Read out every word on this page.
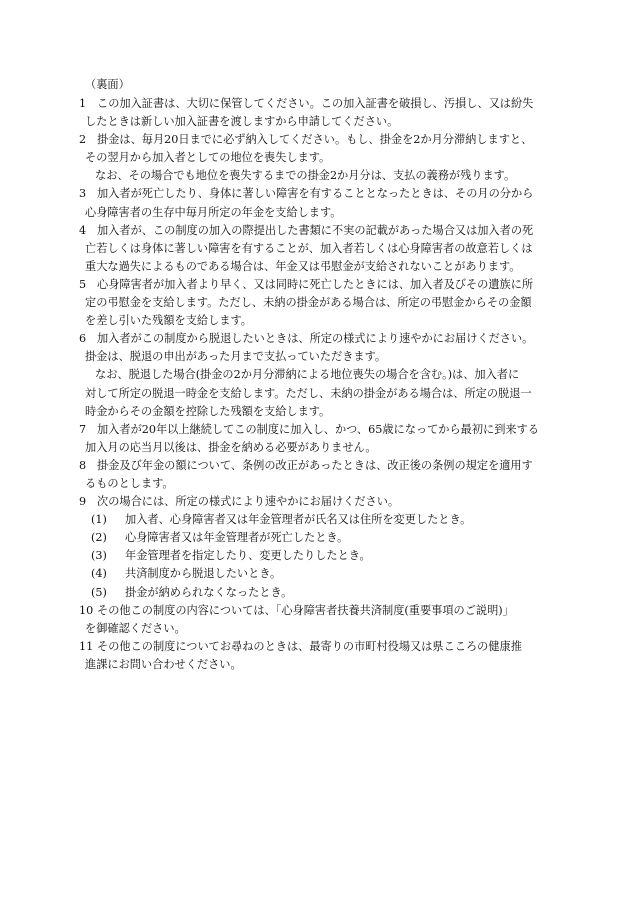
（裏面）
1 この加入証書は、大切に保管してください。この加入証書を破損し、汚損し、又は紛失
したときは新しい加入証書を渡しますから申請してください。
2 掛金は、毎月20日までに必ず納入してください。もし、掛金を2か月分滞納しますと、
その翌月から加入者としての地位を喪失します。
なお、その場合でも地位を喪失するまでの掛金2か月分は、支払の義務が残ります。
3 加入者が死亡したり、身体に著しい障害を有することとなったときは、その月の分から
心身障害者の生存中毎月所定の年金を支給します。
4 加入者が、この制度の加入の際提出した書類に不実の記載があった場合又は加入者の死
亡若しくは身体に著しい障害を有することが、加入者若しくは心身障害者の故意若しくは
重大な過失によるものである場合は、年金又は弔慰金が支給されないことがあります。
5 心身障害者が加入者より早く、又は同時に死亡したときには、加入者及びその遺族に所
定の弔慰金を支給します。ただし、未納の掛金がある場合は、所定の弔慰金からその金額
を差し引いた残額を支給します。
6 加入者がこの制度から脱退したいときは、所定の様式により速やかにお届けください。
掛金は、脱退の申出があった月まで支払っていただきます。
なお、脱退した場合(掛金の2か月分滞納による地位喪失の場合を含む。)は、加入者に
対して所定の脱退一時金を支給します。ただし、未納の掛金がある場合は、所定の脱退一
時金からその金額を控除した残額を支給します。
7 加入者が20年以上継続してこの制度に加入し、かつ、65歳になってから最初に到来する
加入月の応当月以後は、掛金を納める必要がありません。
8 掛金及び年金の額について、条例の改正があったときは、改正後の条例の規定を適用す
るものとします。
9 次の場合には、所定の様式により速やかにお届けください。
(1) 加入者、心身障害者又は年金管理者が氏名又は住所を変更したとき。
(2) 心身障害者又は年金管理者が死亡したとき。
(3) 年金管理者を指定したり、変更したりしたとき。
(4) 共済制度から脱退したいとき。
(5) 掛金が納められなくなったとき。
10 その他この制度の内容については、「心身障害者扶養共済制度(重要事項のご説明)」
を御確認ください。
11 その他この制度についてお尋ねのときは、最寄りの市町村役場又は県こころの健康推
進課にお問い合わせください。
